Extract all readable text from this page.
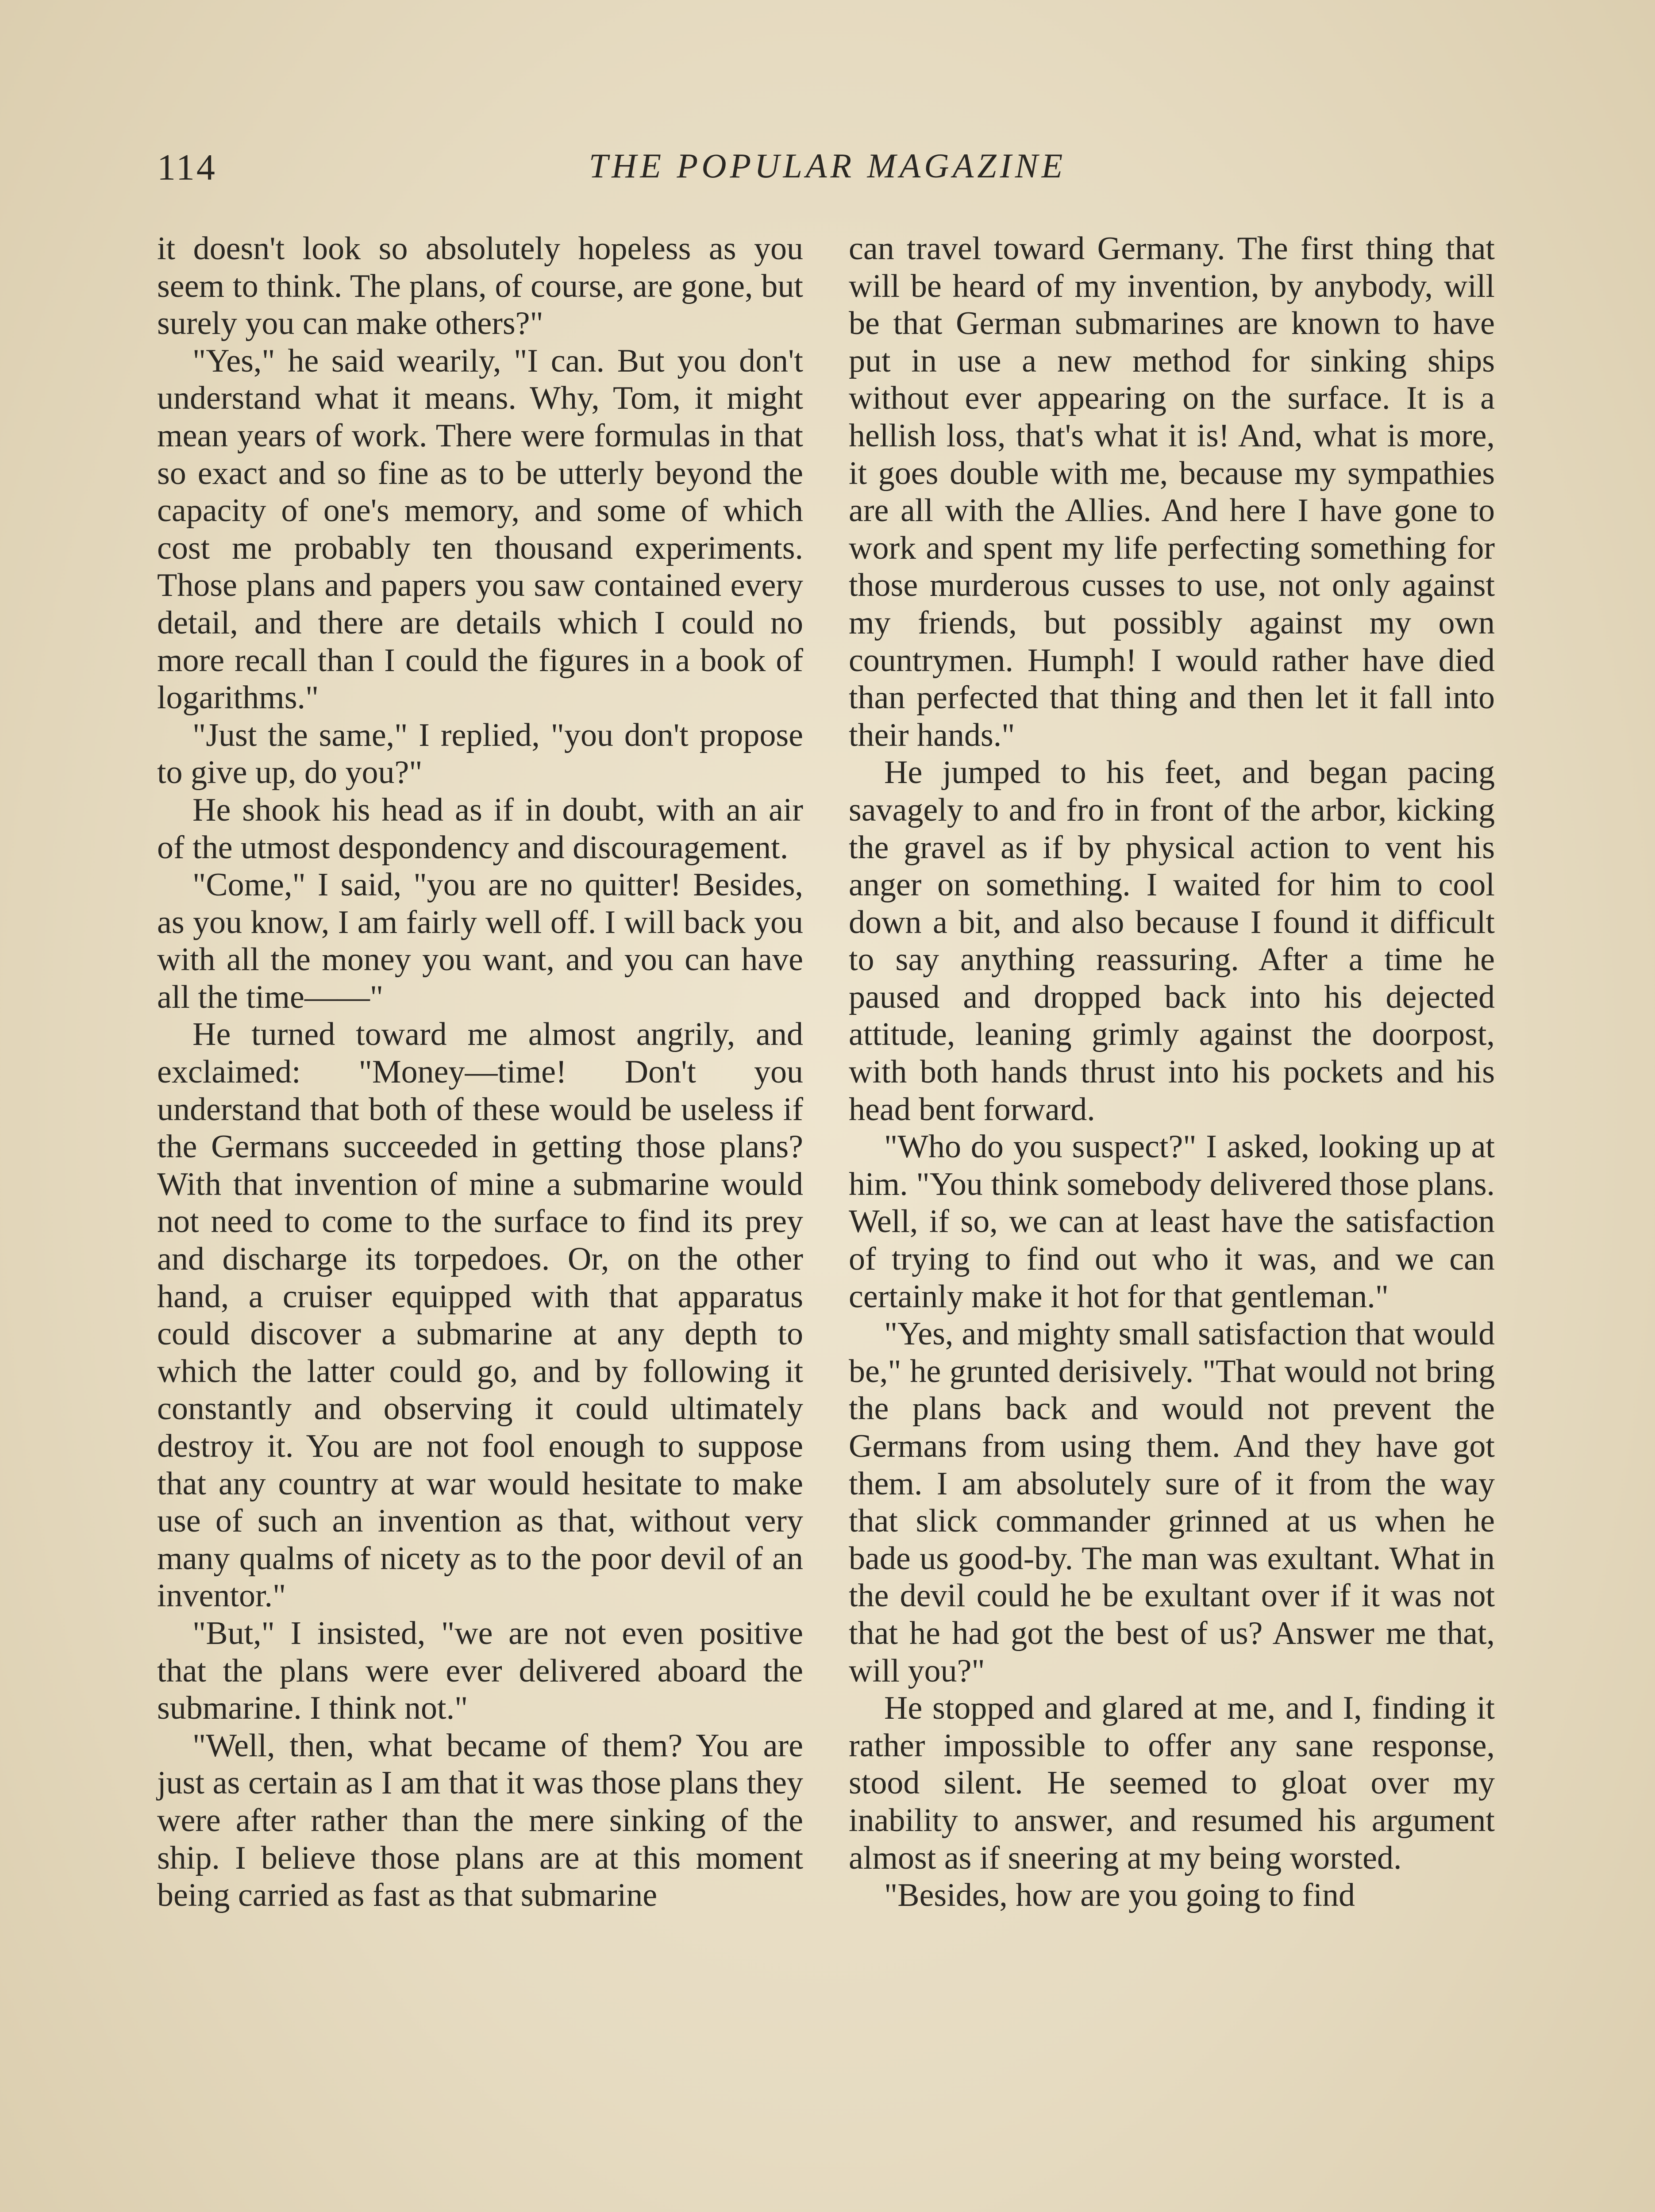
114	THE POPULAR MAGAZINE

it doesn't look so absolutely hopeless as you seem to think. The plans, of course, are gone, but surely you can make others?"

"Yes," he said wearily, "I can. But you don't understand what it means. Why, Tom, it might mean years of work. There were formulas in that so exact and so fine as to be utterly beyond the capacity of one's memory, and some of which cost me probably ten thousand experiments. Those plans and papers you saw contained every detail, and there are details which I could no more recall than I could the figures in a book of logarithms."

"Just the same," I replied, "you don't propose to give up, do you?"

He shook his head as if in doubt, with an air of the utmost despondency and discouragement.

"Come," I said, "you are no quitter! Besides, as you know, I am fairly well off. I will back you with all the money you want, and you can have all the time——"

He turned toward me almost angrily, and exclaimed: "Money—time! Don't you understand that both of these would be useless if the Germans succeeded in getting those plans? With that invention of mine a submarine would not need to come to the surface to find its prey and discharge its torpedoes. Or, on the other hand, a cruiser equipped with that apparatus could discover a submarine at any depth to which the latter could go, and by following it constantly and observing it could ultimately destroy it. You are not fool enough to suppose that any country at war would hesitate to make use of such an invention as that, without very many qualms of nicety as to the poor devil of an inventor."

"But," I insisted, "we are not even positive that the plans were ever delivered aboard the submarine. I think not."

"Well, then, what became of them? You are just as certain as I am that it was those plans they were after rather than the mere sinking of the ship. I believe those plans are at this moment being carried as fast as that submarine

can travel toward Germany. The first thing that will be heard of my invention, by anybody, will be that German submarines are known to have put in use a new method for sinking ships without ever appearing on the surface. It is a hellish loss, that's what it is! And, what is more, it goes double with me, because my sympathies are all with the Allies. And here I have gone to work and spent my life perfecting something for those murderous cusses to use, not only against my friends, but possibly against my own countrymen. Humph! I would rather have died than perfected that thing and then let it fall into their hands."

He jumped to his feet, and began pacing savagely to and fro in front of the arbor, kicking the gravel as if by physical action to vent his anger on something. I waited for him to cool down a bit, and also because I found it difficult to say anything reassuring. After a time he paused and dropped back into his dejected attitude, leaning grimly against the doorpost, with both hands thrust into his pockets and his head bent forward.

"Who do you suspect?" I asked, looking up at him. "You think somebody delivered those plans. Well, if so, we can at least have the satisfaction of trying to find out who it was, and we can certainly make it hot for that gentleman."

"Yes, and mighty small satisfaction that would be," he grunted derisively. "That would not bring the plans back and would not prevent the Germans from using them. And they have got them. I am absolutely sure of it from the way that slick commander grinned at us when he bade us good-by. The man was exultant. What in the devil could he be exultant over if it was not that he had got the best of us? Answer me that, will you?"

He stopped and glared at me, and I, finding it rather impossible to offer any sane response, stood silent. He seemed to gloat over my inability to answer, and resumed his argument almost as if sneering at my being worsted.

"Besides, how are you going to find
